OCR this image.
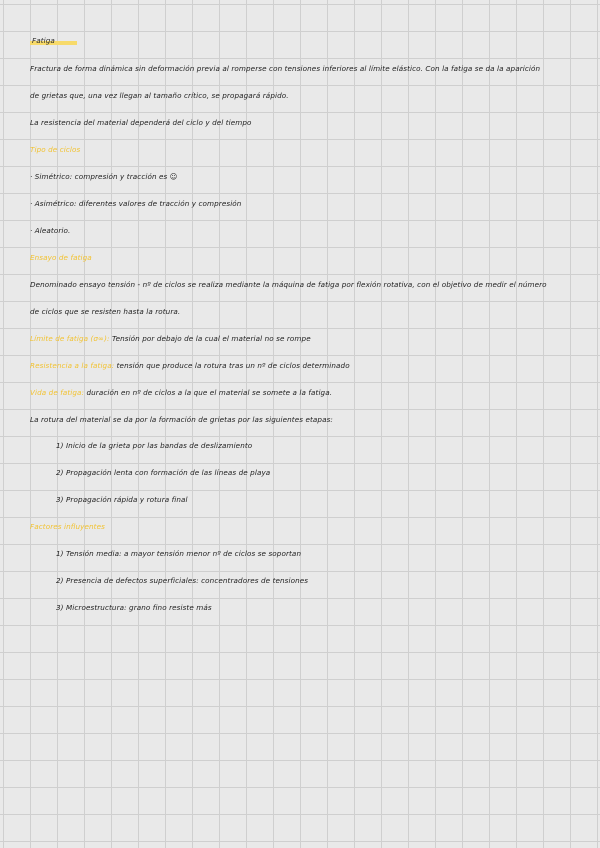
Fatiga
Fractura de forma dinámica sin deformación previa al romperse con tensiones inferiores al límite elástico. Con la fatiga se da la aparición
de grietas que, una vez llegan al tamaño crítico, se propagará rápido.
La resistencia del material dependerá del ciclo y del tiempo
Tipo de ciclos
· Simétrico: compresión y tracción es ☺
· Asimétrico: diferentes valores de tracción y compresión
· Aleatorio.
Ensayo de fatiga
Denominado ensayo tensión - nº de ciclos se realiza mediante la máquina de fatiga por flexión rotativa, con el objetivo de medir el número
de ciclos que se resisten hasta la rotura.
Límite de fatiga (σ∞): Tensión por debajo de la cual el material no se rompe
Resistencia a la fatiga: tensión que produce la rotura tras un nº de ciclos determinado
Vida de fatiga: duración en nº de ciclos a la que el material se somete a la fatiga.
La rotura del material se da por la formación de grietas por las siguientes etapas:
1) Inicio de la grieta por las bandas de deslizamiento
2) Propagación lenta con formación de las líneas de playa
3) Propagación rápida y rotura final
Factores influyentes
1) Tensión media: a mayor tensión menor nº de ciclos se soportan
2) Presencia de defectos superficiales: concentradores de tensiones
3) Microestructura: grano fino resiste más
